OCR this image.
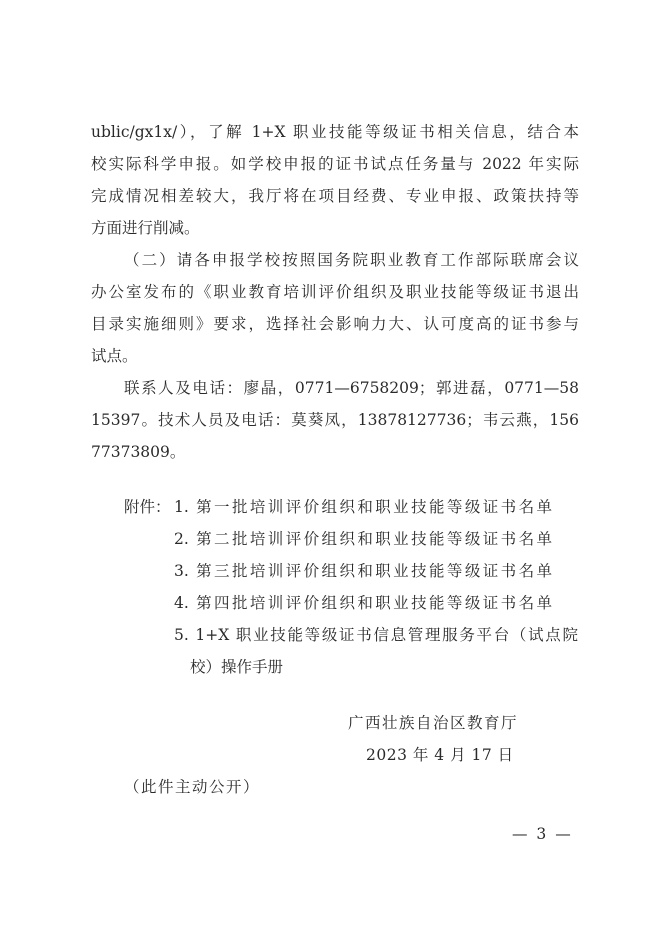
ublic/gx1x/），了解 1+X 职业技能等级证书相关信息，结合本
校实际科学申报。如学校申报的证书试点任务量与 2022 年实际
完成情况相差较大，我厅将在项目经费、专业申报、政策扶持等
方面进行削减。
（二）请各申报学校按照国务院职业教育工作部际联席会议
办公室发布的《职业教育培训评价组织及职业技能等级证书退出
目录实施细则》要求，选择社会影响力大、认可度高的证书参与
试点。
联系人及电话：廖晶，0771—6758209；郭进磊，0771—58
15397。技术人员及电话：莫葵凤，13878127736；韦云燕，156
77373809。
附件： 1. 第一批培训评价组织和职业技能等级证书名单
2. 第二批培训评价组织和职业技能等级证书名单
3. 第三批培训评价组织和职业技能等级证书名单
4. 第四批培训评价组织和职业技能等级证书名单
5. 1+X 职业技能等级证书信息管理服务平台（试点院
校）操作手册
广西壮族自治区教育厅
2023 年 4 月 17 日
（此件主动公开）
— 3 —
